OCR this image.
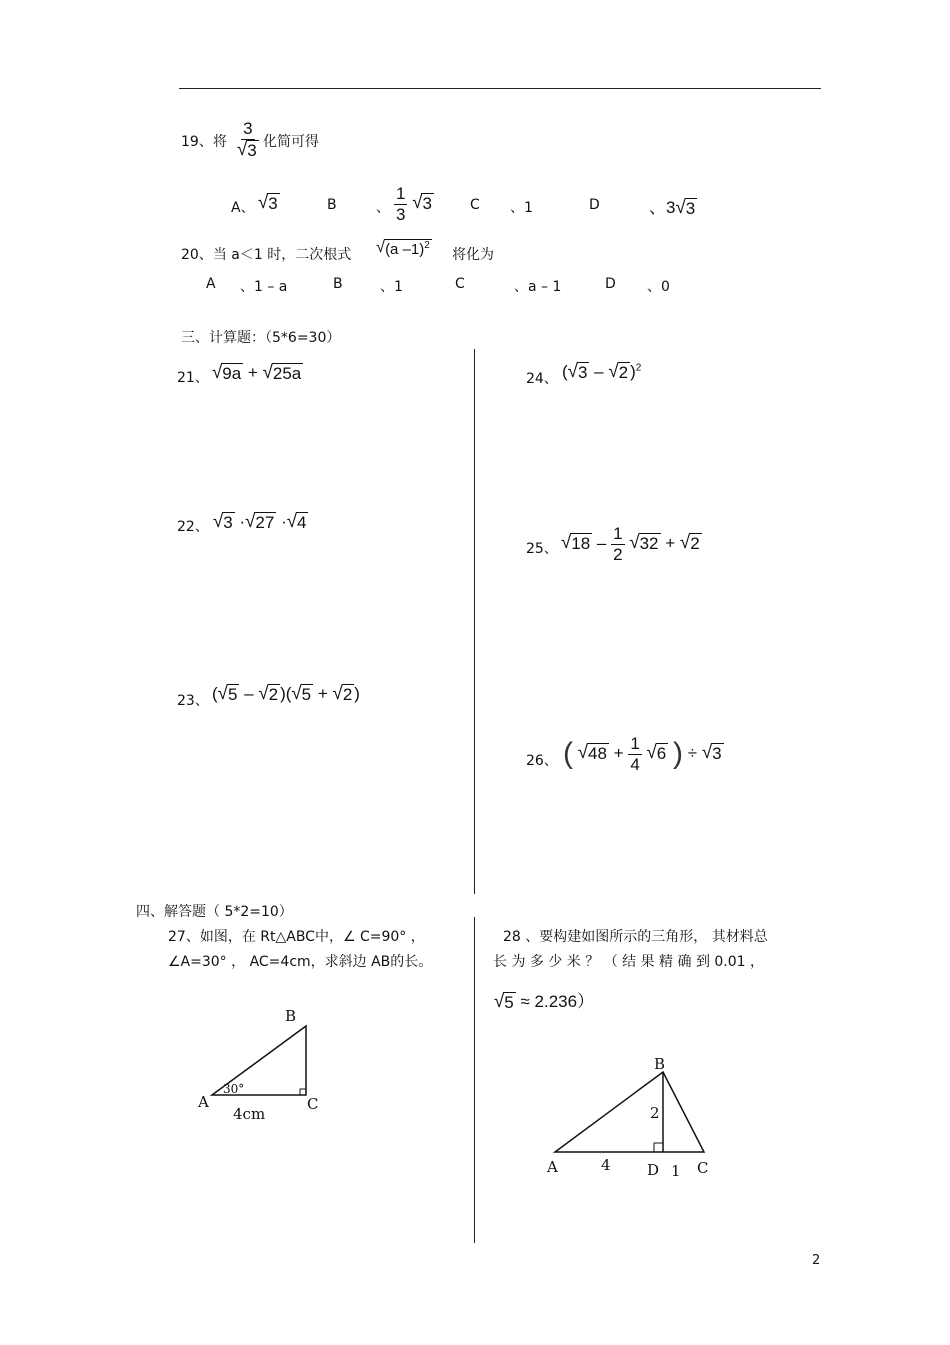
19、将 $\frac{3}{√ 3}$ 化简可得
A、 √ 3	B	、 $\frac{1}{3}$
√ 3	C 、1	D	、3 √ 3
20、当 a＜1 时，二次根式 √ (a –1)$^2$
将化为
A 、1 – a	B	、1	C	、a – 1	D 、0
三、计算题：（5*6=30）
21、 √ 9a + √ 25a	24、 ( √ 3 – √ 2 )$^2$
22、 √ 3 · √ 27 · √ 4
25、 √ $18 - \frac{1}{2}$
√ 32 + √ 2
23、 ( √ 5 – √ 2 )( √ 5 + √ 2 )
26、 ( √ $48 + \frac{1}{4}$
√ 6 ) ÷ √ 3
四、解答题（ 5*2=10）
27、如图，在 Rt△ABC中，∠ C=90° ，
∠A=30° ， AC=4cm，求斜边 AB的长。
B
A	C
30°
4cm
28 、要构建如图所示的三角形， 其材料总
长 为 多 少 米 ？ （ 结 果 精 确 到 0.01 ，
√ 5 ≈ 2.236）
B
A	D	C
2
4	1
2
